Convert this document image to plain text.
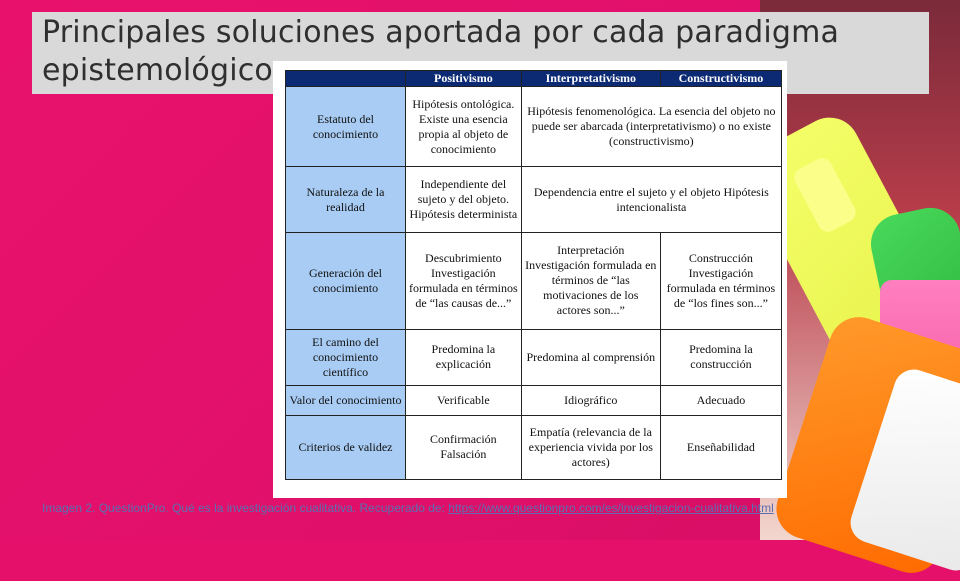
Principales soluciones aportada por cada paradigma epistemológico
		Positivismo	Interpretativismo	Constructivismo
Estatuto del conocimiento	Hipótesis ontológica. Existe una esencia propia al objeto de conocimiento	Hipótesis fenomenológica. La esencia del objeto no puede ser abarcada (interpretativismo) o no existe (constructivismo)	
Naturaleza de la realidad	Independiente del sujeto y del objeto. Hipótesis determinista	Dependencia entre el sujeto y el objeto Hipótesis intencionalista	
Generación del conocimiento	Descubrimiento Investigación formulada en términos de “las causas de...”	Interpretación Investigación formulada en términos de “las motivaciones de los actores son...”	Construcción Investigación formulada en términos de “los fines son...”
El camino del conocimiento científico	Predomina la explicación	Predomina al comprensión	Predomina la construcción
Valor del conocimiento	Verificable	Idiográfico	Adecuado
Criterios de validez	Confirmación Falsación	Empatía (relevancia de la experiencia vivida por los actores)	Enseñabilidad
Imagen 2. QuestionPro. Qué es la investigación cualitativa. Recuperado de: https://www.questionpro.com/es/investigacion-cualitativa.html
